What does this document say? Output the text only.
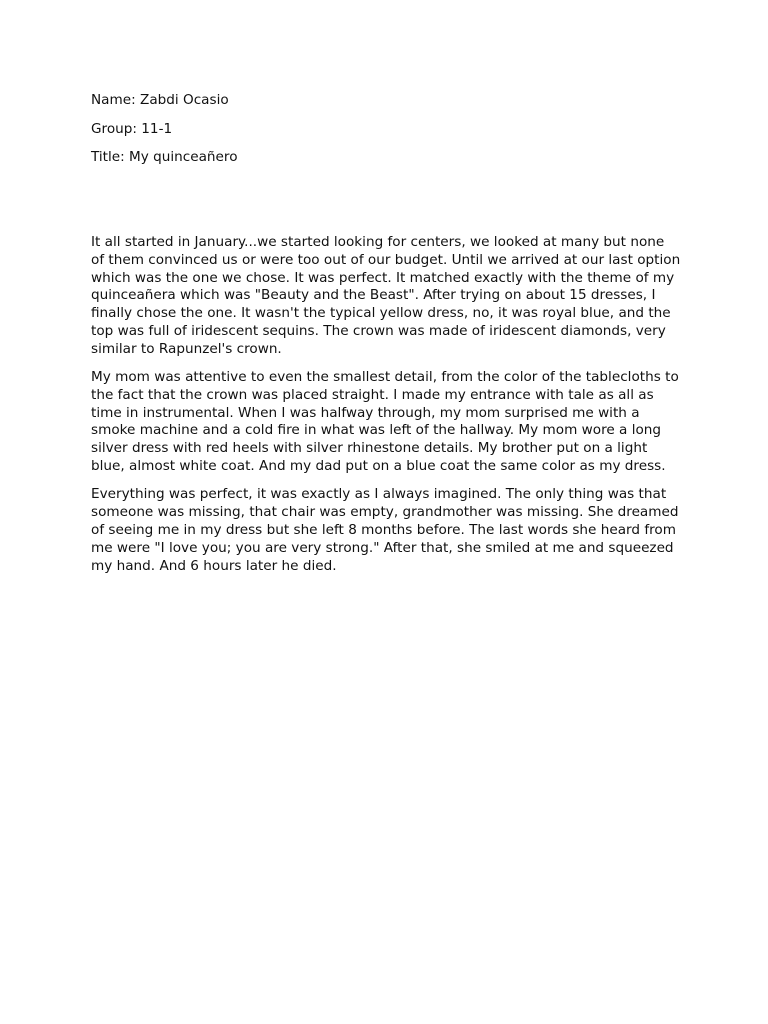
Name: Zabdi Ocasio

Group: 11-1

Title: My quinceañero

It all started in January...we started looking for centers, we looked at many but none of them convinced us or were too out of our budget. Until we arrived at our last option which was the one we chose. It was perfect. It matched exactly with the theme of my quinceañera which was "Beauty and the Beast". After trying on about 15 dresses, I finally chose the one. It wasn't the typical yellow dress, no, it was royal blue, and the top was full of iridescent sequins. The crown was made of iridescent diamonds, very similar to Rapunzel's crown.

My mom was attentive to even the smallest detail, from the color of the tablecloths to the fact that the crown was placed straight. I made my entrance with tale as all as time in instrumental. When I was halfway through, my mom surprised me with a smoke machine and a cold fire in what was left of the hallway. My mom wore a long silver dress with red heels with silver rhinestone details. My brother put on a light blue, almost white coat. And my dad put on a blue coat the same color as my dress.

Everything was perfect, it was exactly as I always imagined. The only thing was that someone was missing, that chair was empty, grandmother was missing. She dreamed of seeing me in my dress but she left 8 months before. The last words she heard from me were "I love you; you are very strong." After that, she smiled at me and squeezed my hand. And 6 hours later he died.
